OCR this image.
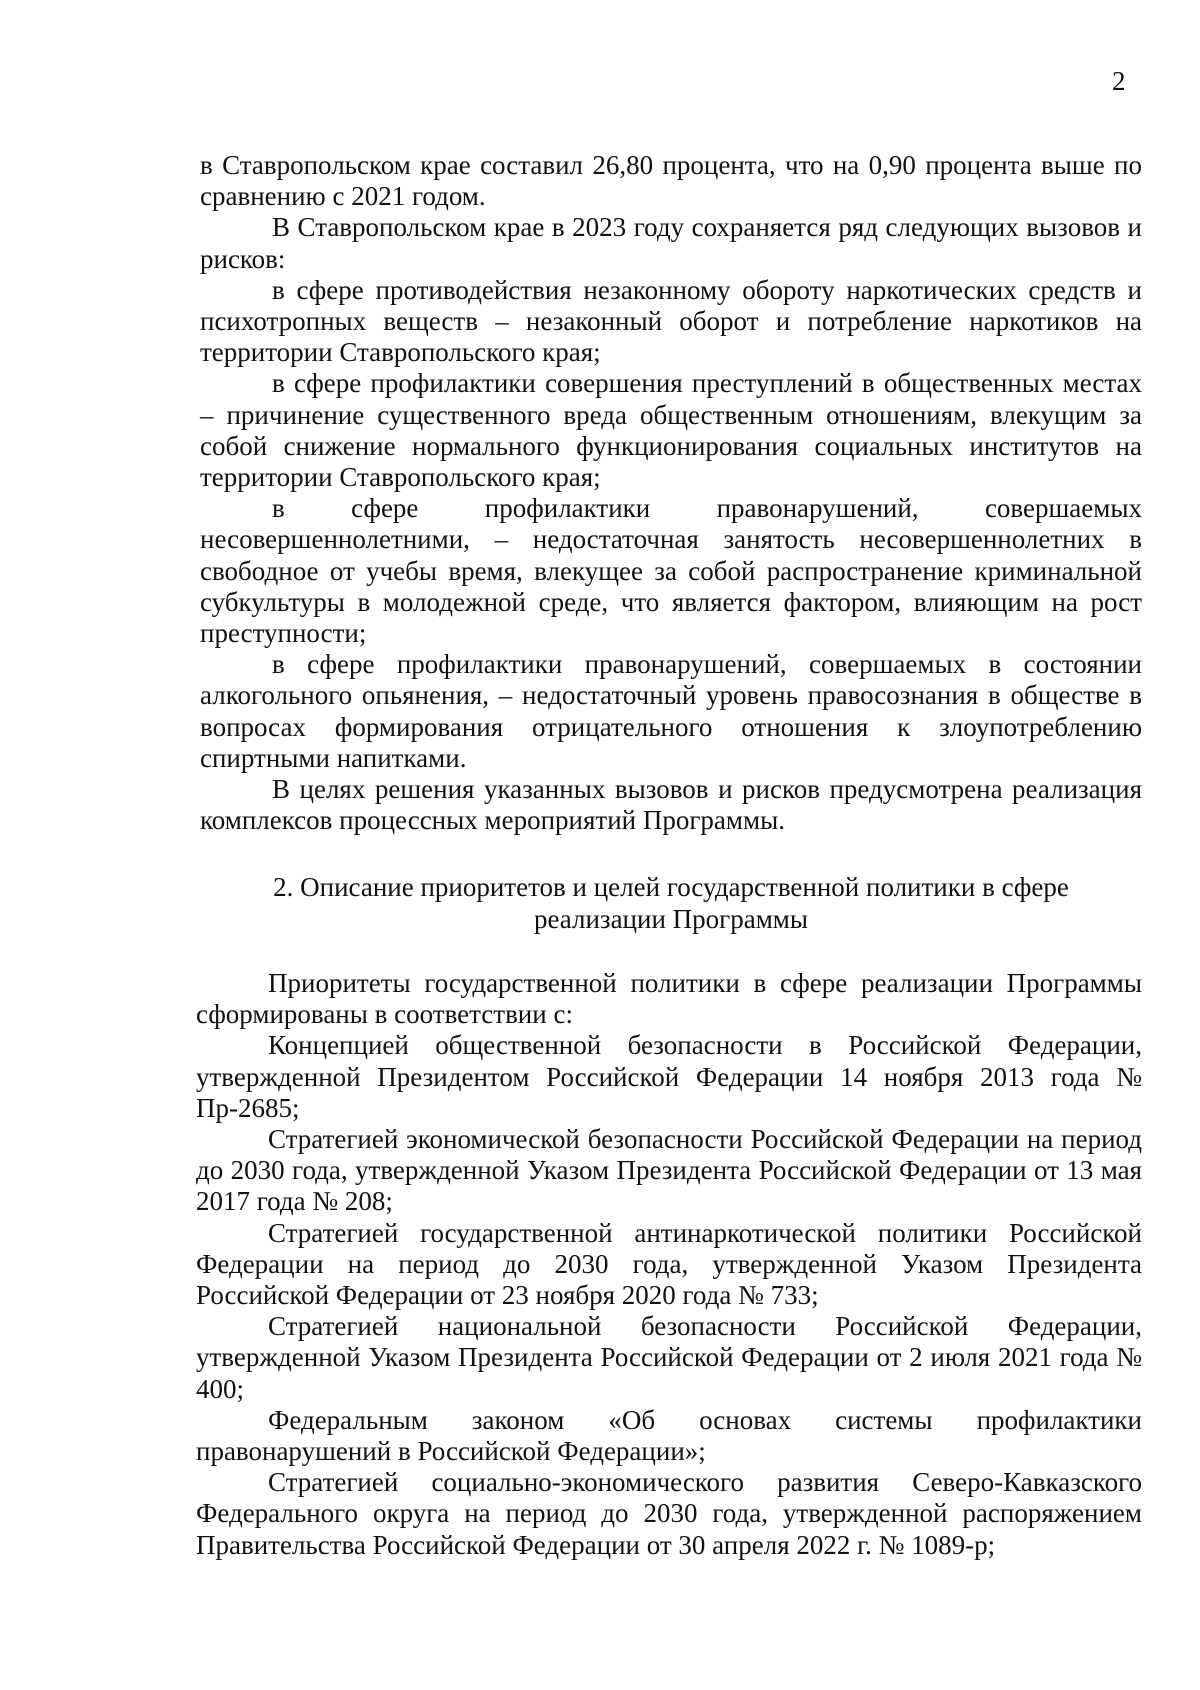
2

в Ставропольском крае составил 26,80 процента, что на 0,90 процента выше по сравнению с 2021 годом.

В Ставропольском крае в 2023 году сохраняется ряд следующих вызовов и рисков:

в сфере противодействия незаконному обороту наркотических средств и психотропных веществ – незаконный оборот и потребление наркотиков на территории Ставропольского края;

в сфере профилактики совершения преступлений в общественных местах – причинение существенного вреда общественным отношениям, влекущим за собой снижение нормального функционирования социальных институтов на территории Ставропольского края;

в сфере профилактики правонарушений, совершаемых несовершеннолетними, – недостаточная занятость несовершеннолетних в свободное от учебы время, влекущее за собой распространение криминальной субкультуры в молодежной среде, что является фактором, влияющим на рост преступности;

в сфере профилактики правонарушений, совершаемых в состоянии алкогольного опьянения, – недостаточный уровень правосознания в обществе в вопросах формирования отрицательного отношения к злоупотреблению спиртными напитками.

В целях решения указанных вызовов и рисков предусмотрена реализация комплексов процессных мероприятий Программы.

2. Описание приоритетов и целей государственной политики в сфере
реализации Программы

Приоритеты государственной политики в сфере реализации Программы сформированы в соответствии с:

Концепцией общественной безопасности в Российской Федерации, утвержденной Президентом Российской Федерации 14 ноября 2013 года № Пр-2685;

Стратегией экономической безопасности Российской Федерации на период до 2030 года, утвержденной Указом Президента Российской Федерации от 13 мая 2017 года № 208;

Стратегией государственной антинаркотической политики Российской Федерации на период до 2030 года, утвержденной Указом Президента Российской Федерации от 23 ноября 2020 года № 733;

Стратегией национальной безопасности Российской Федерации, утвержденной Указом Президента Российской Федерации от 2 июля 2021 года № 400;

Федеральным законом «Об основах системы профилактики правонарушений в Российской Федерации»;

Стратегией социально-экономического развития Северо-Кавказского Федерального округа на период до 2030 года, утвержденной распоряжением Правительства Российской Федерации от 30 апреля 2022 г. № 1089-р;
